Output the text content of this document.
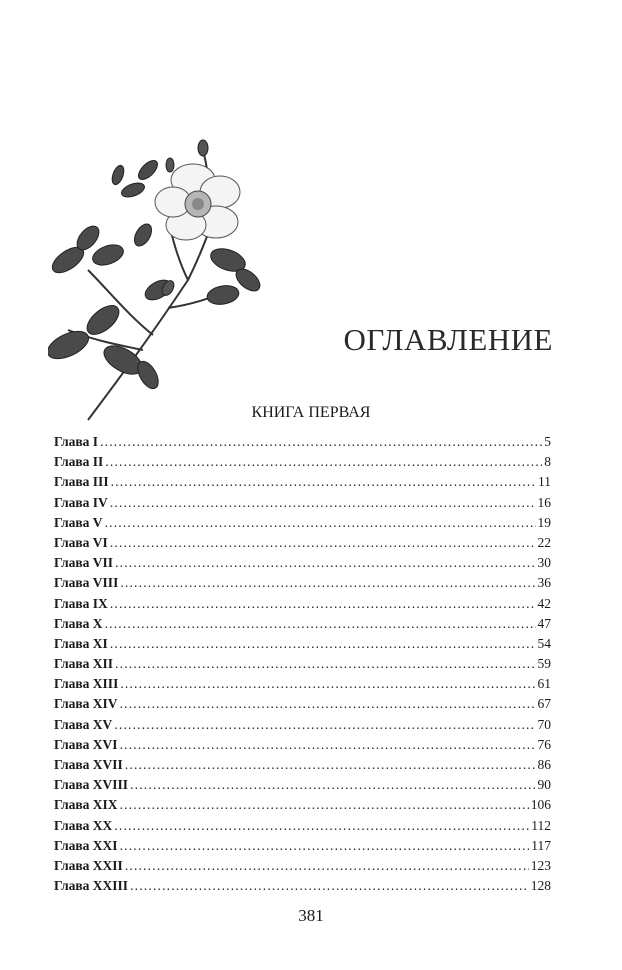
ОГЛАВЛЕНИЕ
КНИГА ПЕРВАЯ
Глава I .....	5
Глава II .....	8
Глава III .....	11
Глава IV .....	16
Глава V .....	19
Глава VI .....	22
Глава VII .....	30
Глава VIII .....	36
Глава IX .....	42
Глава X .....	47
Глава XI .....	54
Глава XII .....	59
Глава XIII .....	61
Глава XIV .....	67
Глава XV .....	70
Глава XVI .....	76
Глава XVII .....	86
Глава XVIII .....	90
Глава XIX .....	106
Глава XX .....	112
Глава XXI .....	117
Глава XXII .....	123
Глава XXIII .....	128
381
